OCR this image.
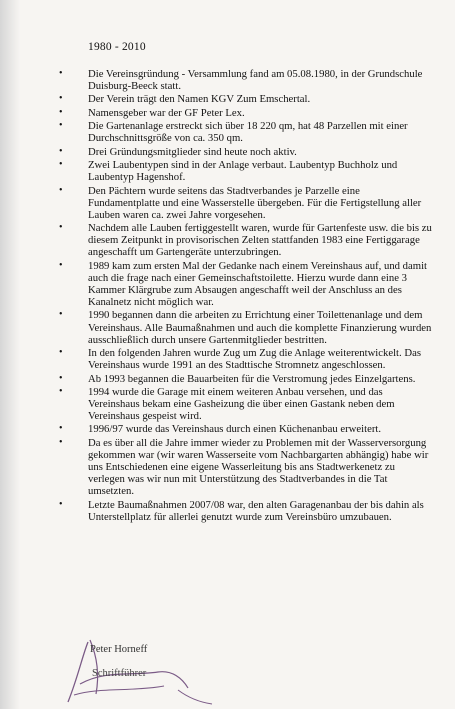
1980 - 2010
• Die Vereinsgründung - Versammlung fand am 05.08.1980, in der Grundschule Duisburg-Beeck statt.
• Der Verein trägt den Namen KGV Zum Emschertal.
• Namensgeber war der GF Peter Lex.
• Die Gartenanlage erstreckt sich über 18 220 qm, hat 48 Parzellen mit einer Durchschnittsgröße von ca. 350 qm.
• Drei Gründungsmitglieder sind heute noch aktiv.
• Zwei Laubentypen sind in der Anlage verbaut. Laubentyp Buchholz und Laubentyp Hagenshof.
• Den Pächtern wurde seitens das Stadtverbandes je Parzelle eine Fundamentplatte und eine Wasserstelle übergeben. Für die Fertigstellung aller Lauben waren ca. zwei Jahre vorgesehen.
• Nachdem alle Lauben fertiggestellt waren, wurde für Gartenfeste usw. die bis zu diesem Zeitpunkt in provisorischen Zelten stattfanden 1983 eine Fertiggarage angeschafft um Gartengeräte unterzubringen.
• 1989 kam zum ersten Mal der Gedanke nach einem Vereinshaus auf, und damit auch die frage nach einer Gemeinschaftstoilette. Hierzu wurde dann eine 3 Kammer Klärgrube zum Absaugen angeschafft weil der Anschluss an des Kanalnetz nicht möglich war.
• 1990 begannen dann die arbeiten zu Errichtung einer Toilettenanlage und dem Vereinshaus. Alle Baumaßnahmen und auch die komplette Finanzierung wurden ausschließlich durch unsere Gartenmitglieder bestritten.
• In den folgenden Jahren wurde Zug um Zug die Anlage weiterentwickelt. Das Vereinshaus wurde 1991 an des Stadttische Stromnetz angeschlossen.
• Ab 1993 begannen die Bauarbeiten für die Verstromung jedes Einzelgartens.
• 1994 wurde die Garage mit einem weiteren Anbau versehen, und das Vereinshaus bekam eine Gasheizung die über einen Gastank neben dem Vereinshaus gespeist wird.
• 1996/97 wurde das Vereinshaus durch einen Küchenanbau erweitert.
• Da es über all die Jahre immer wieder zu Problemen mit der Wasserversorgung gekommen war (wir waren Wasserseite vom Nachbargarten abhängig) habe wir uns Entschiedenen eine eigene Wasserleitung bis ans Stadtwerkenetz zu verlegen was wir nun mit Unterstützung des Stadtverbandes in die Tat umsetzten.
• Letzte Baumaßnahmen 2007/08 war, den alten Garagenanbau der bis dahin als Unterstellplatz für allerlei genutzt wurde zum Vereinsbüro umzubauen.
Peter Horneff
Schriftführer
